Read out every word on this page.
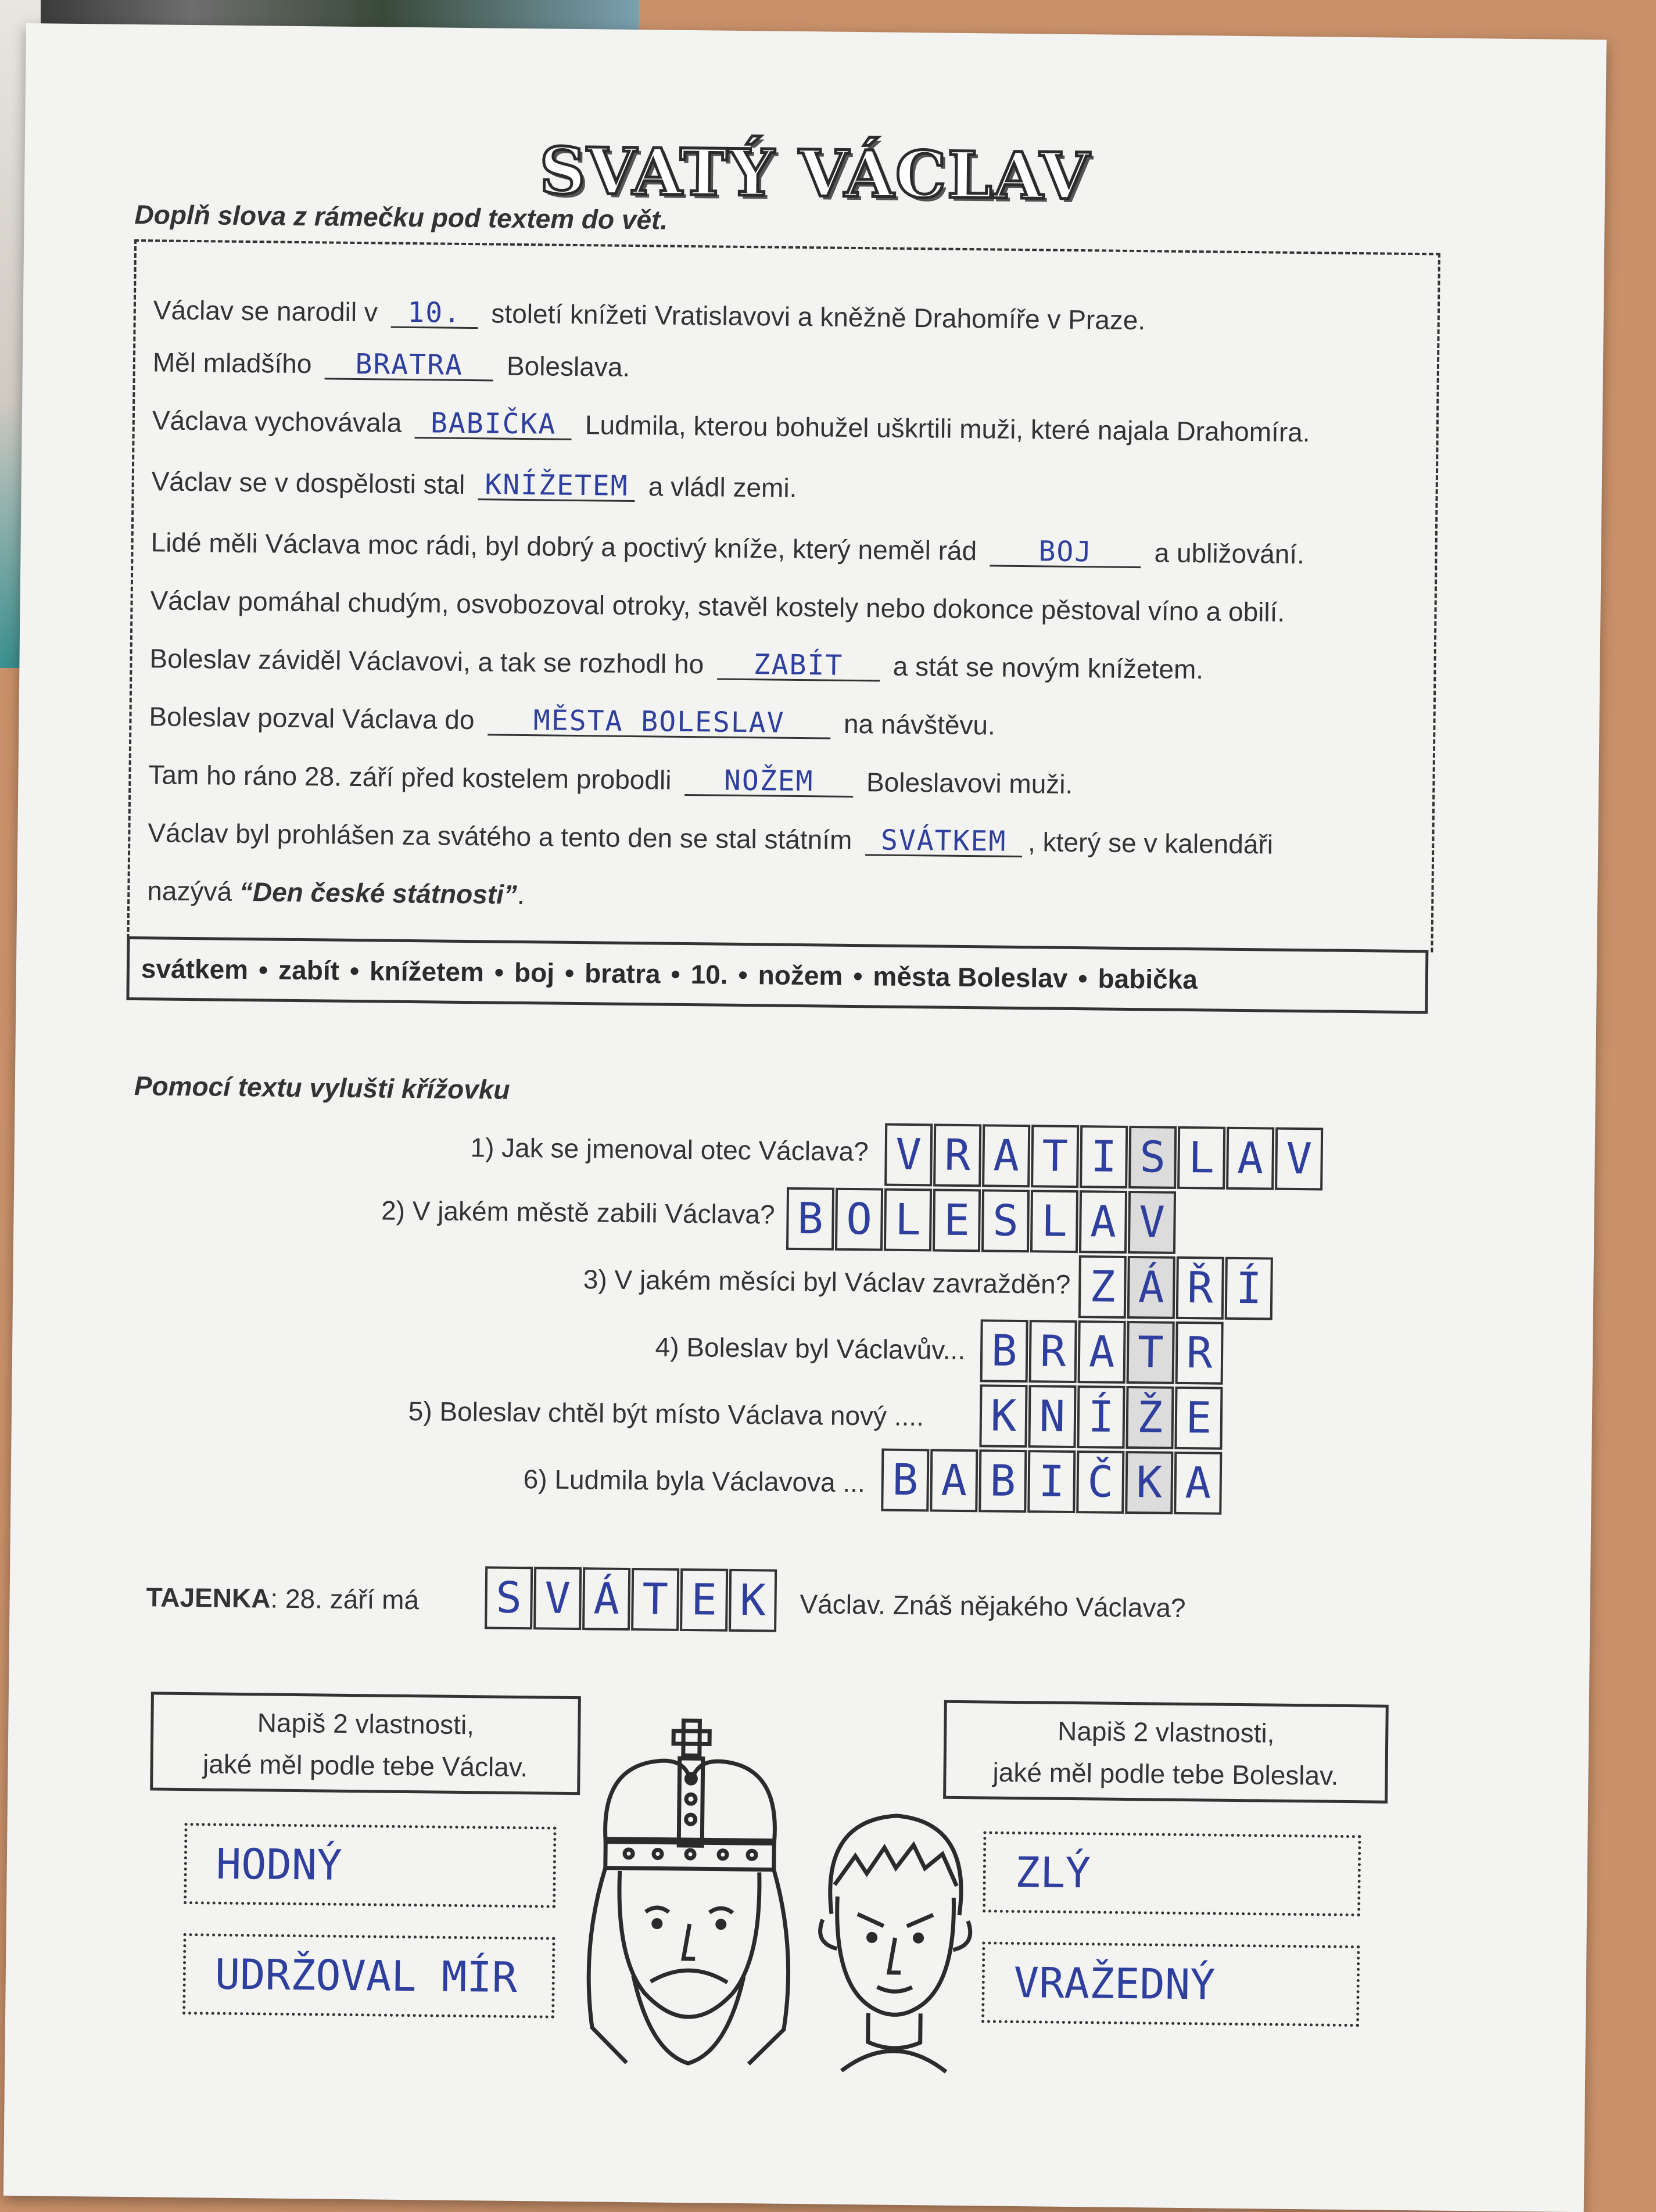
SVATÝ VÁCLAV
Doplň slova z rámečku pod textem do vět.
Václav se narodil v 10. století knížeti Vratislavovi a kněžně Drahomíře v Praze.
Měl mladšího BRATRA Boleslava.
Václava vychovávala BABIČKA Ludmila, kterou bohužel uškrtili muži, které najala Drahomíra.
Václav se v dospělosti stal KNÍŽETEM a vládl zemi.
Lidé měli Václava moc rádi, byl dobrý a poctivý kníže, který neměl rád BOJ a ubližování.
Václav pomáhal chudým, osvobozoval otroky, stavěl kostely nebo dokonce pěstoval víno a obilí.
Boleslav záviděl Václavovi, a tak se rozhodl ho ZABÍT a stát se novým knížetem.
Boleslav pozval Václava do MĚSTA BOLESLAV na návštěvu.
Tam ho ráno 28. září před kostelem probodli NOŽEM Boleslavovi muži.
Václav byl prohlášen za svátého a tento den se stal státním SVÁTKEM , který se v kalendáři
nazývá “Den české státnosti”.
svátkem • zabít • knížetem • boj • bratra • 10. • nožem • města Boleslav • babička
Pomocí textu vylušti křížovku
1) Jak se jmenoval otec Václava?
2) V jakém městě zabili Václava?
3) V jakém měsíci byl Václav zavražděn?
4) Boleslav byl Václavův...
5) Boleslav chtěl být místo Václava nový ....
6) Ludmila byla Václavova ...
V R A T I S L A V
B O L E S L A V
Z Á Ř Í
B R A T R
K N Í Ž E
B A B I Č K A
TAJENKA: 28. září má S V Á T E K	Václav. Znáš nějakého Václava?
Napiš 2 vlastnosti,
jaké měl podle tebe Václav.
Napiš 2 vlastnosti,
jaké měl podle tebe Boleslav.
HODNÝ
UDRŽOVAL MÍR
ZLÝ
VRAŽEDNÝ
